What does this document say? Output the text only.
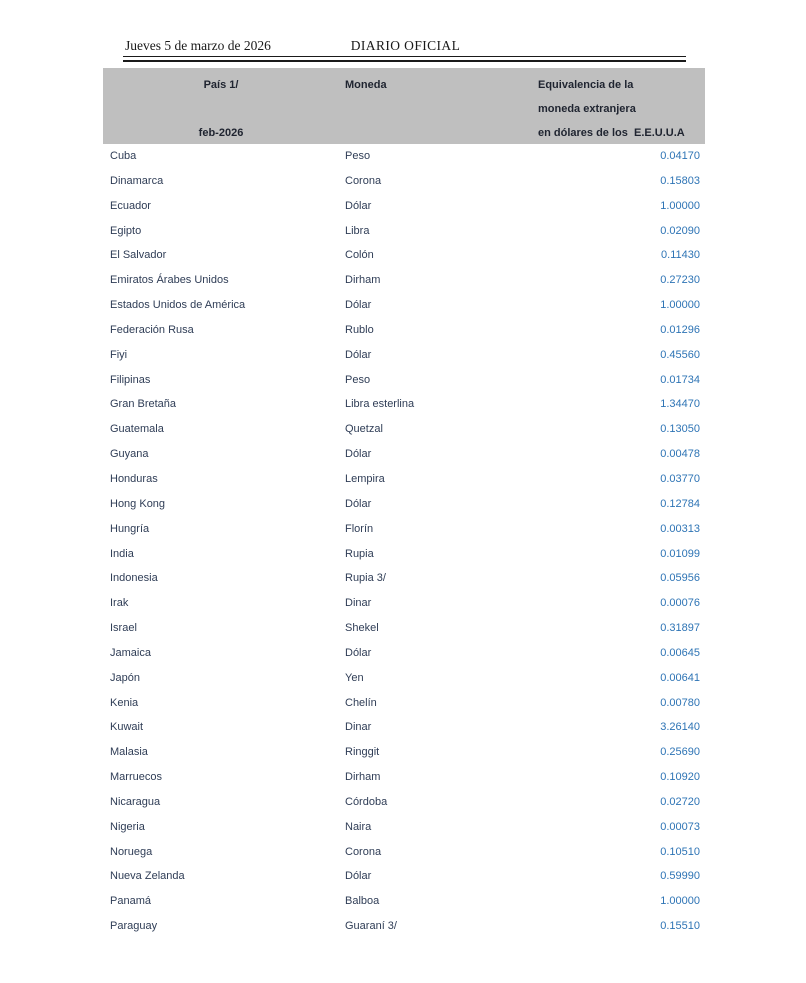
Jueves 5 de marzo de 2026	DIARIO OFICIAL
País 1/
feb-2026
Moneda	Equivalencia de la
moneda extranjera
en dólares de los  E.E.U.U.A
Cuba	Peso	0.04170
Dinamarca	Corona	0.15803
Ecuador	Dólar	1.00000
Egipto	Libra	0.02090
El Salvador	Colón	0.11430
Emiratos Árabes Unidos	Dirham	0.27230
Estados Unidos de América	Dólar	1.00000
Federación Rusa	Rublo	0.01296
Fiyi	Dólar	0.45560
Filipinas	Peso	0.01734
Gran Bretaña	Libra esterlina	1.34470
Guatemala	Quetzal	0.13050
Guyana	Dólar	0.00478
Honduras	Lempira	0.03770
Hong Kong	Dólar	0.12784
Hungría	Florín	0.00313
India	Rupia	0.01099
Indonesia	Rupia 3/	0.05956
Irak	Dinar	0.00076
Israel	Shekel	0.31897
Jamaica	Dólar	0.00645
Japón	Yen	0.00641
Kenia	Chelín	0.00780
Kuwait	Dinar	3.26140
Malasia	Ringgit	0.25690
Marruecos	Dirham	0.10920
Nicaragua	Córdoba	0.02720
Nigeria	Naira	0.00073
Noruega	Corona	0.10510
Nueva Zelanda	Dólar	0.59990
Panamá	Balboa	1.00000
Paraguay	Guaraní 3/	0.15510
